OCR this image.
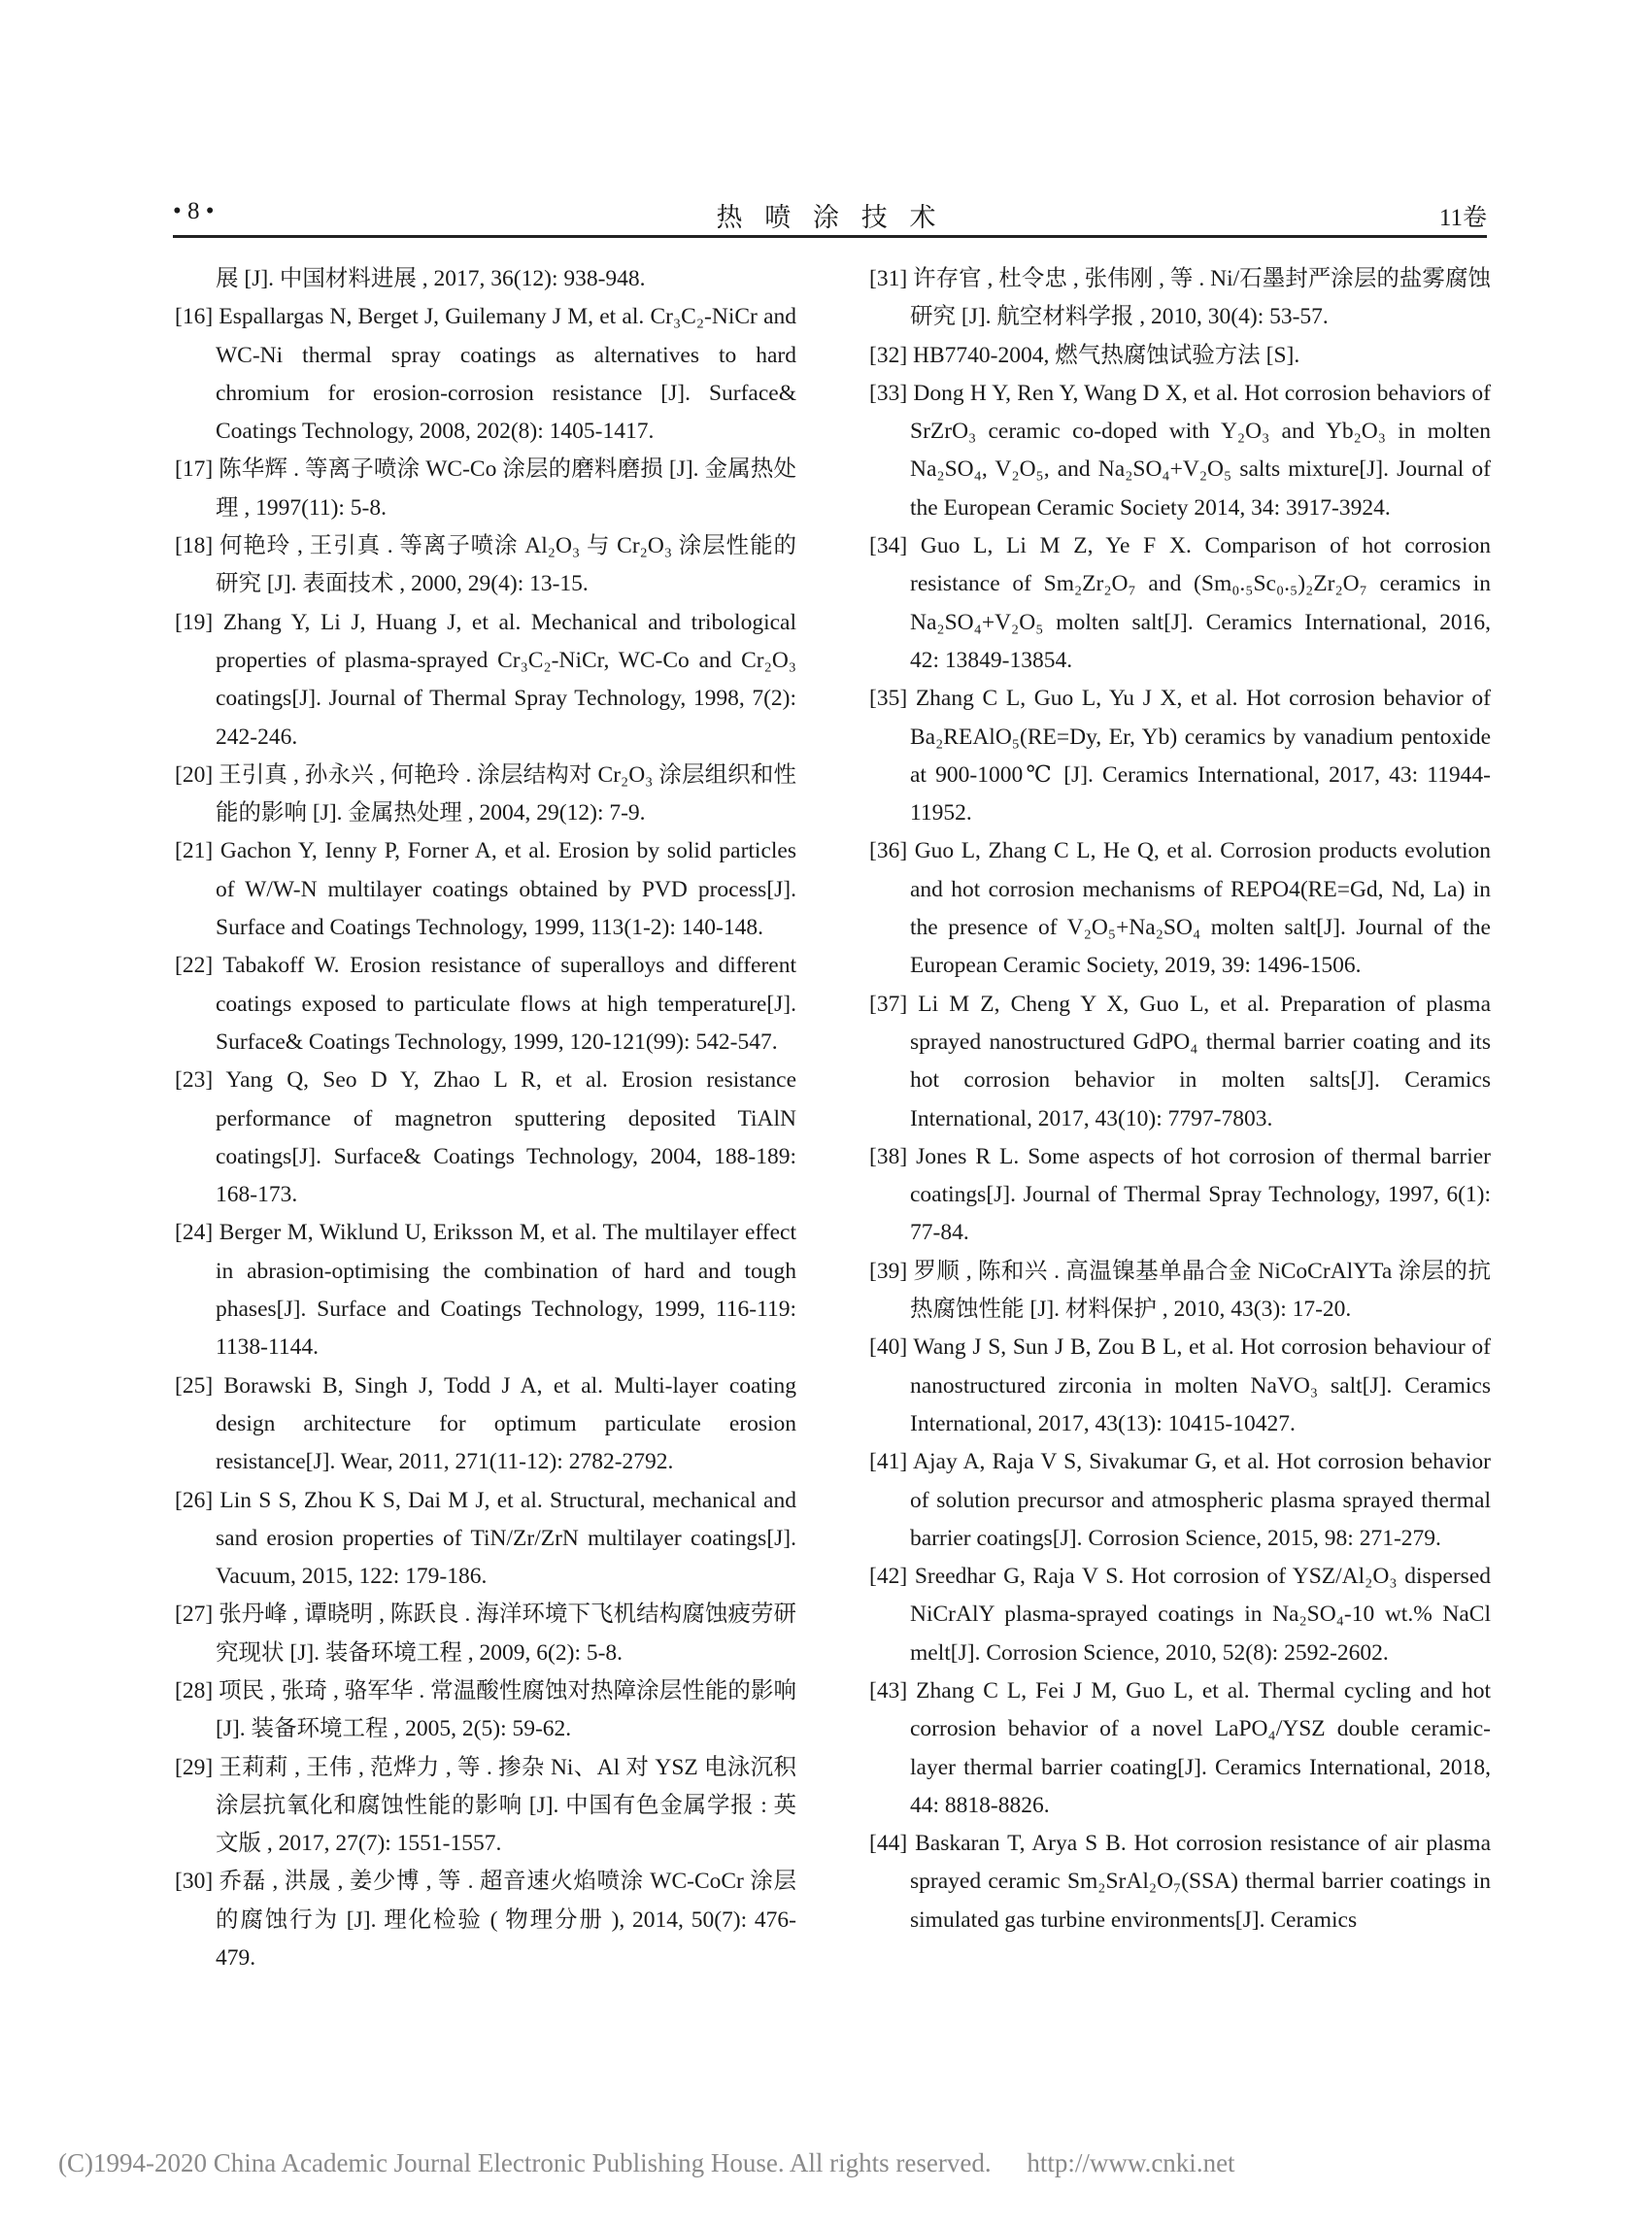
• 8 •	热 喷 涂 技 术	11卷

展 [J]. 中国材料进展 , 2017, 36(12): 938-948.

[16] Espallargas N, Berget J, Guilemany J M, et al. Cr₃C₂-NiCr and WC-Ni thermal spray coatings as alternatives to hard chromium for erosion-corrosion resistance [J]. Surface& Coatings Technology, 2008, 202(8): 1405-1417.

[17] 陈华辉 . 等离子喷涂 WC-Co 涂层的磨料磨损 [J]. 金属热处理 , 1997(11): 5-8.

[18] 何艳玲 , 王引真 . 等离子喷涂 Al₂O₃ 与 Cr₂O₃ 涂层性能的研究 [J]. 表面技术 , 2000, 29(4): 13-15.

[19] Zhang Y, Li J, Huang J, et al. Mechanical and tribological properties of plasma-sprayed Cr₃C₂-NiCr, WC-Co and Cr₂O₃ coatings[J]. Journal of Thermal Spray Technology, 1998, 7(2): 242-246.

[20] 王引真 , 孙永兴 , 何艳玲 . 涂层结构对 Cr₂O₃ 涂层组织和性能的影响 [J]. 金属热处理 , 2004, 29(12): 7-9.

[21] Gachon Y, Ienny P, Forner A, et al. Erosion by solid particles of W/W-N multilayer coatings obtained by PVD process[J]. Surface and Coatings Technology, 1999, 113(1-2): 140-148.

[22] Tabakoff W. Erosion resistance of superalloys and different coatings exposed to particulate flows at high temperature[J]. Surface& Coatings Technology, 1999, 120-121(99): 542-547.

[23] Yang Q, Seo D Y, Zhao L R, et al. Erosion resistance performance of magnetron sputtering deposited TiAlN coatings[J]. Surface& Coatings Technology, 2004, 188-189: 168-173.

[24] Berger M, Wiklund U, Eriksson M, et al. The multilayer effect in abrasion-optimising the combination of hard and tough phases[J]. Surface and Coatings Technology, 1999, 116-119: 1138-1144.

[25] Borawski B, Singh J, Todd J A, et al. Multi-layer coating design architecture for optimum particulate erosion resistance[J]. Wear, 2011, 271(11-12): 2782-2792.

[26] Lin S S, Zhou K S, Dai M J, et al. Structural, mechanical and sand erosion properties of TiN/Zr/ZrN multilayer coatings[J]. Vacuum, 2015, 122: 179-186.

[27] 张丹峰 , 谭晓明 , 陈跃良 . 海洋环境下飞机结构腐蚀疲劳研究现状 [J]. 装备环境工程 , 2009, 6(2): 5-8.

[28] 项民 , 张琦 , 骆军华 . 常温酸性腐蚀对热障涂层性能的影响 [J]. 装备环境工程 , 2005, 2(5): 59-62.

[29] 王莉莉 , 王伟 , 范烨力 , 等 . 掺杂 Ni、Al 对 YSZ 电泳沉积涂层抗氧化和腐蚀性能的影响 [J]. 中国有色金属学报 : 英文版 , 2017, 27(7): 1551-1557.

[30] 乔磊 , 洪晟 , 姜少博 , 等 . 超音速火焰喷涂 WC-CoCr 涂层的腐蚀行为 [J]. 理化检验 ( 物理分册 ), 2014, 50(7): 476-479.

[31] 许存官 , 杜令忠 , 张伟刚 , 等 . Ni/石墨封严涂层的盐雾腐蚀研究 [J]. 航空材料学报 , 2010, 30(4): 53-57.

[32] HB7740-2004, 燃气热腐蚀试验方法 [S].

[33] Dong H Y, Ren Y, Wang D X, et al. Hot corrosion behaviors of SrZrO₃ ceramic co-doped with Y₂O₃ and Yb₂O₃ in molten Na₂SO₄, V₂O₅, and Na₂SO₄+V₂O₅ salts mixture[J]. Journal of the European Ceramic Society 2014, 34: 3917-3924.

[34] Guo L, Li M Z, Ye F X. Comparison of hot corrosion resistance of Sm₂Zr₂O₇ and (Sm₀.₅Sc₀.₅)₂Zr₂O₇ ceramics in Na₂SO₄+V₂O₅ molten salt[J]. Ceramics International, 2016, 42: 13849-13854.

[35] Zhang C L, Guo L, Yu J X, et al. Hot corrosion behavior of Ba₂REAlO₅(RE=Dy, Er, Yb) ceramics by vanadium pentoxide at 900-1000℃ [J]. Ceramics International, 2017, 43: 11944-11952.

[36] Guo L, Zhang C L, He Q, et al. Corrosion products evolution and hot corrosion mechanisms of REPO4(RE=Gd, Nd, La) in the presence of V₂O₅+Na₂SO₄ molten salt[J]. Journal of the European Ceramic Society, 2019, 39: 1496-1506.

[37] Li M Z, Cheng Y X, Guo L, et al. Preparation of plasma sprayed nanostructured GdPO₄ thermal barrier coating and its hot corrosion behavior in molten salts[J]. Ceramics International, 2017, 43(10): 7797-7803.

[38] Jones R L. Some aspects of hot corrosion of thermal barrier coatings[J]. Journal of Thermal Spray Technology, 1997, 6(1): 77-84.

[39] 罗顺 , 陈和兴 . 高温镍基单晶合金 NiCoCrAlYTa 涂层的抗热腐蚀性能 [J]. 材料保护 , 2010, 43(3): 17-20.

[40] Wang J S, Sun J B, Zou B L, et al. Hot corrosion behaviour of nanostructured zirconia in molten NaVO₃ salt[J]. Ceramics International, 2017, 43(13): 10415-10427.

[41] Ajay A, Raja V S, Sivakumar G, et al. Hot corrosion behavior of solution precursor and atmospheric plasma sprayed thermal barrier coatings[J]. Corrosion Science, 2015, 98: 271-279.

[42] Sreedhar G, Raja V S. Hot corrosion of YSZ/Al₂O₃ dispersed NiCrAlY plasma-sprayed coatings in Na₂SO₄-10 wt.% NaCl melt[J]. Corrosion Science, 2010, 52(8): 2592-2602.

[43] Zhang C L, Fei J M, Guo L, et al. Thermal cycling and hot corrosion behavior of a novel LaPO₄/YSZ double ceramic-layer thermal barrier coating[J]. Ceramics International, 2018, 44: 8818-8826.

[44] Baskaran T, Arya S B. Hot corrosion resistance of air plasma sprayed ceramic Sm₂SrAl₂O₇(SSA) thermal barrier coatings in simulated gas turbine environments[J]. Ceramics

(C)1994-2020 China Academic Journal Electronic Publishing House. All rights reserved. http://www.cnki.net
